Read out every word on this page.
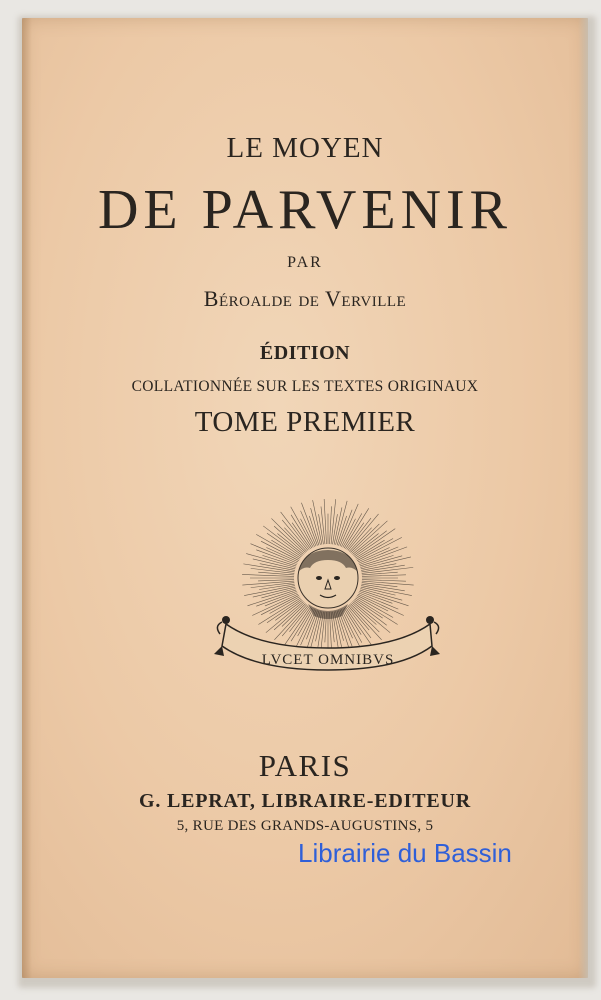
LE MOYEN
DE PARVENIR
PAR
Béroalde de Verville
ÉDITION
COLLATIONNÉE SUR LES TEXTES ORIGINAUX
TOME PREMIER
LVCET OMNIBVS
PARIS
G. LEPRAT, LIBRAIRE-EDITEUR
5, RUE DES GRANDS-AUGUSTINS, 5
Librairie du Bassin
